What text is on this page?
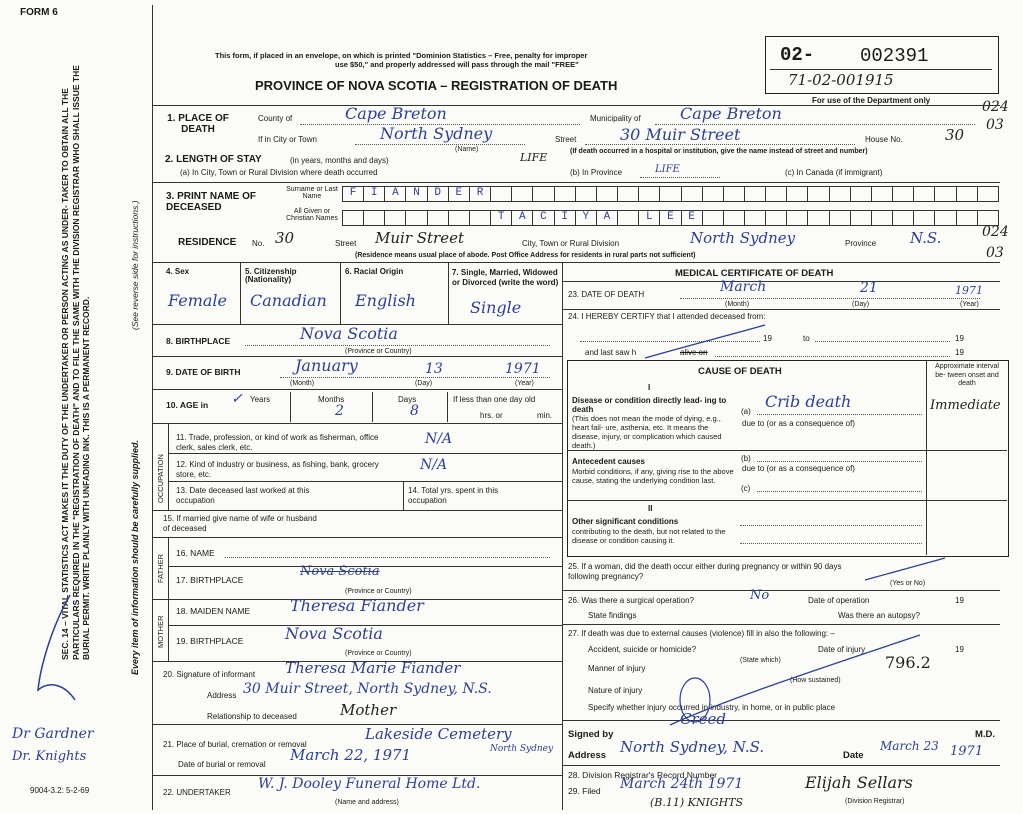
FORM 6
This form, if placed in an envelope, on which is printed "Dominion Statistics – Free, penalty for improper
use $50," and properly addressed will pass through the mail "FREE"
PROVINCE OF NOVA SCOTIA – REGISTRATION OF DEATH
02- 002391
71-02-001915
For use of the Department only	024
03
SEC. 14 – VITAL STATISTICS ACT MAKES IT THE DUTY OF THE UNDERTAKER OR PERSON ACTING AS UNDER- TAKER TO OBTAIN ALL THE PARTICULARS REQUIRED IN THE "REGISTRATION OF DEATH" AND TO FILE THE SAME WITH THE DIVISION REGISTRAR WHO SHALL ISSUE THE BURIAL PERMIT. WRITE PLAINLY WITH UNFADING INK. THIS IS A PERMANENT RECORD.
(See reverse side for instructions.)
Every item of information should be carefully supplied.
Dr Gardner
Dr. Knights
9004-3.2: 5-2-69
1. PLACE OF DEATH
County of	Cape Breton	Municipality of Cape Breton
If in City or Town	North Sydney
(Name)
Street	30 Muir Street	House No.	30
(If death occurred in a hospital or institution, give the name instead of street and number)
2. LENGTH OF STAY	(in years, months and days)
(a) In City, Town or Rural Division where death occurred
LIFE
(b) In Province	LIFE	(c) In Canada (if immigrant)
3. PRINT NAME OF DECEASED
Surname or Last Name	F	I	A	N	D	E	R
All Given or Christian Names	T	A	C	I	Y	A	L	E	E
RESIDENCE No. 30	Street Muir Street	City, Town or Rural Division	North Sydney	Province N.S.	024
03
(Residence means usual place of abode. Post Office Address for residents in rural parts not sufficient)
4. Sex
Female
5. Citizenship (Nationality)
Canadian
6. Racial Origin
English
7. Single, Married, Widowed or Divorced (write the word)
Single
8. BIRTHPLACE	Nova Scotia
(Province or Country)
9. DATE OF BIRTH	January	13	1971
(Month)	(Day)	(Year)
10. AGE in ✓ Years	Months
2
Days
8
If less than one day old
hrs. or	min.
OCCUPATION
11. Trade, profession, or kind of work as fisherman, office clerk, sales clerk, etc.	N/A
12. Kind of industry or business, as fishing, bank, grocery store, etc.
N/A
13. Date deceased last worked at this occupation
14. Total yrs. spent in this occupation
15. If married give name of wife or husband of deceased
FATHER
16. NAME
17. BIRTHPLACE
Nova Scotia
(Province or Country)
MOTHER
18. MAIDEN NAME Theresa Fiander
19. BIRTHPLACE	Nova Scotia
(Province or Country)
20. Signature of informant Theresa Marie Fiander
Address 30 Muir Street, North Sydney, N.S.
Relationship to deceased	Mother
21. Place of burial, cremation or removal
Lakeside Cemetery
Date of burial or removal
March 22, 1971	North Sydney
22. UNDERTAKER
W. J. Dooley Funeral Home Ltd.
(Name and address)
MEDICAL CERTIFICATE OF DEATH
23. DATE OF DEATH	March	21	1971
(Month)	(Day)	(Year)
24. I HEREBY CERTIFY that I attended deceased from:
19	to	19
and last saw h	alive on	19
CAUSE OF DEATH	Approximate interval be- tween onset and death
I
Disease or condition directly lead- ing to death
(This does not mean the mode of dying, e.g., heart fail- ure, asthenia, etc. It means the disease, injury, or complication which caused death.)
(a)
Crib death	Immediate
due to (or as a consequence of)
(b)
due to (or as a consequence of)
Antecedent causes
Morbid conditions, if any, giving rise to the above cause, stating the underlying condition last.
(c)
II
Other significant conditions
contributing to the death, but not related to the disease or condition causing it.
25. If a woman, did the death occur either during pregnancy or within 90 days following pregnancy?
(Yes or No)
26. Was there a surgical operation?	No	Date of operation	19
State findings	Was there an autopsy?
27. If death was due to external causes (violence) fill in also the following: –
Accident, suicide or homicide?	Date of injury	19
(State which)
Manner of injury	796.2
(How sustained)
Nature of injury
Specify whether injury occurred in industry, in home, or in public place
Signed by
Creed
M.D.
Address North Sydney, N.S.	Date
March 23 1971
28. Division Registrar's Record Number
29. Filed March 24th 1971	Elijah Sellars
(Division Registrar)
(B.11) KNIGHTS
